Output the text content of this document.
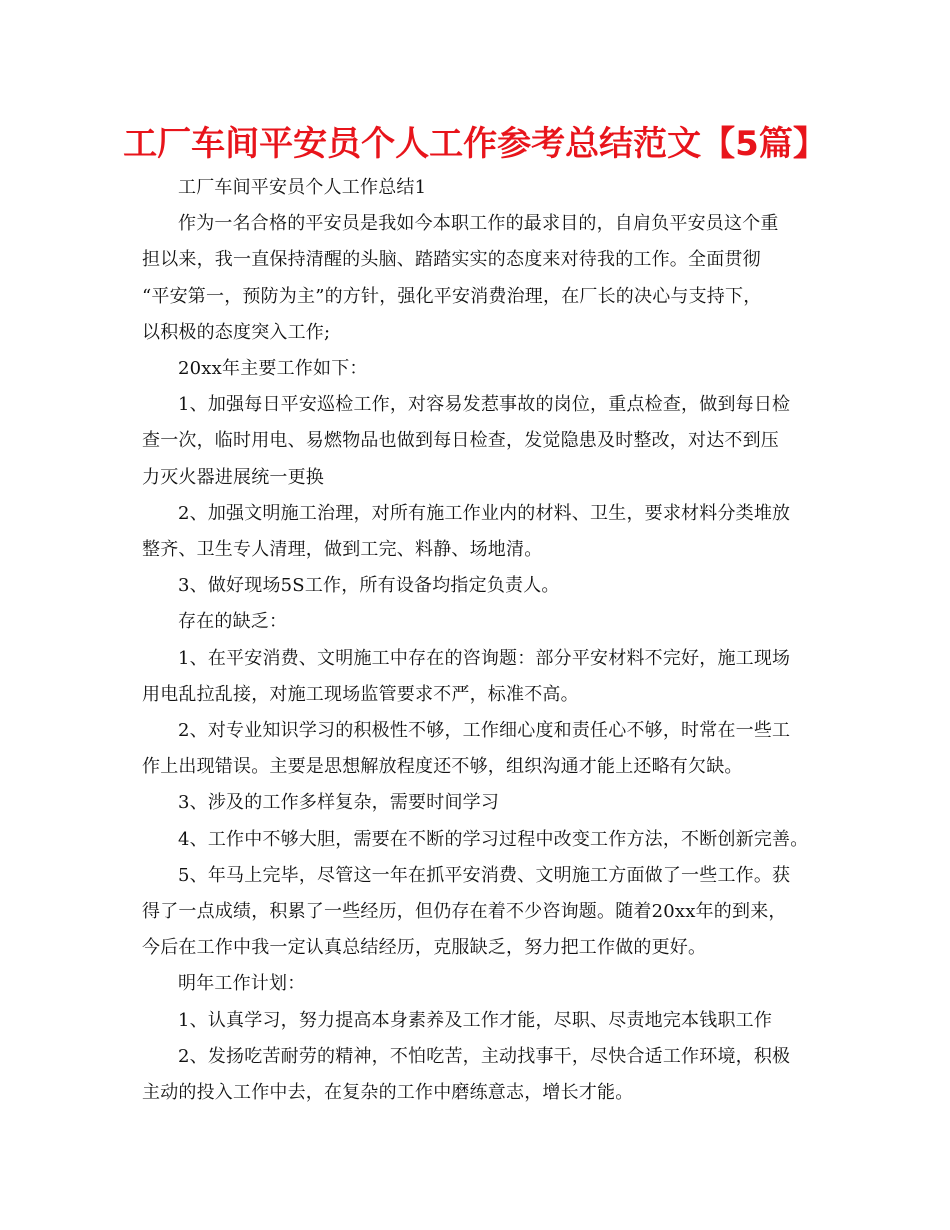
工厂车间平安员个人工作参考总结范文【5篇】
工厂车间平安员个人工作总结1
作为一名合格的平安员是我如今本职工作的最求目的，自肩负平安员这个重
担以来，我一直保持清醒的头脑、踏踏实实的态度来对待我的工作。全面贯彻
“平安第一，预防为主”的方针，强化平安消费治理，在厂长的决心与支持下，
以积极的态度突入工作;
20xx年主要工作如下：
1、加强每日平安巡检工作，对容易发惹事故的岗位，重点检查，做到每日检
查一次，临时用电、易燃物品也做到每日检查，发觉隐患及时整改，对达不到压
力灭火器进展统一更换
2、加强文明施工治理，对所有施工作业内的材料、卫生，要求材料分类堆放
整齐、卫生专人清理，做到工完、料静、场地清。
3、做好现场5S工作，所有设备均指定负责人。
存在的缺乏：
1、在平安消费、文明施工中存在的咨询题：部分平安材料不完好，施工现场
用电乱拉乱接，对施工现场监管要求不严，标准不高。
2、对专业知识学习的积极性不够，工作细心度和责任心不够，时常在一些工
作上出现错误。主要是思想解放程度还不够，组织沟通才能上还略有欠缺。
3、涉及的工作多样复杂，需要时间学习
4、工作中不够大胆，需要在不断的学习过程中改变工作方法，不断创新完善。
5、年马上完毕，尽管这一年在抓平安消费、文明施工方面做了一些工作。获
得了一点成绩，积累了一些经历，但仍存在着不少咨询题。随着20xx年的到来，
今后在工作中我一定认真总结经历，克服缺乏，努力把工作做的更好。
明年工作计划：
1、认真学习，努力提高本身素养及工作才能，尽职、尽责地完本钱职工作
2、发扬吃苦耐劳的精神，不怕吃苦，主动找事干，尽快合适工作环境，积极
主动的投入工作中去，在复杂的工作中磨练意志，增长才能。
